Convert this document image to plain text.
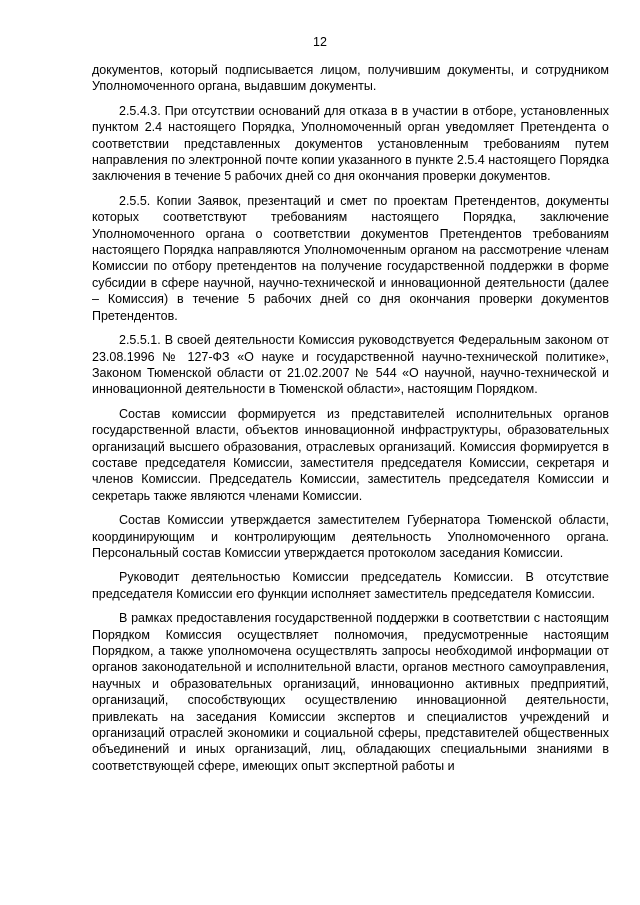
12

документов, который подписывается лицом, получившим документы, и сотрудником Уполномоченного органа, выдавшим документы.

2.5.4.3. При отсутствии оснований для отказа в в участии в отборе, установленных пунктом 2.4 настоящего Порядка, Уполномоченный орган уведомляет Претендента о соответствии представленных документов установленным требованиям путем направления по электронной почте копии указанного в пункте 2.5.4 настоящего Порядка заключения в течение 5 рабочих дней со дня окончания проверки документов.

2.5.5. Копии Заявок, презентаций и смет по проектам Претендентов, документы которых соответствуют требованиям настоящего Порядка, заключение Уполномоченного органа о соответствии документов Претендентов требованиям настоящего Порядка направляются Уполномоченным органом на рассмотрение членам Комиссии по отбору претендентов на получение государственной поддержки в форме субсидии в сфере научной, научно-технической и инновационной деятельности (далее – Комиссия) в течение 5 рабочих дней со дня окончания проверки документов Претендентов.

2.5.5.1. В своей деятельности Комиссия руководствуется Федеральным законом от 23.08.1996 № 127-ФЗ «О науке и государственной научно-технической политике», Законом Тюменской области от 21.02.2007 № 544 «О научной, научно-технической и инновационной деятельности в Тюменской области», настоящим Порядком.

Состав комиссии формируется из представителей исполнительных органов государственной власти, объектов инновационной инфраструктуры, образовательных организаций высшего образования, отраслевых организаций. Комиссия формируется в составе председателя Комиссии, заместителя председателя Комиссии, секретаря и членов Комиссии. Председатель Комиссии, заместитель председателя Комиссии и секретарь также являются членами Комиссии.

Состав Комиссии утверждается заместителем Губернатора Тюменской области, координирующим и контролирующим деятельность Уполномоченного органа. Персональный состав Комиссии утверждается протоколом заседания Комиссии.

Руководит деятельностью Комиссии председатель Комиссии. В отсутствие председателя Комиссии его функции исполняет заместитель председателя Комиссии.

В рамках предоставления государственной поддержки в соответствии с настоящим Порядком Комиссия осуществляет полномочия, предусмотренные настоящим Порядком, а также уполномочена осуществлять запросы необходимой информации от органов законодательной и исполнительной власти, органов местного самоуправления, научных и образовательных организаций, инновационно активных предприятий, организаций, способствующих осуществлению инновационной деятельности, привлекать на заседания Комиссии экспертов и специалистов учреждений и организаций отраслей экономики и социальной сферы, представителей общественных объединений и иных организаций, лиц, обладающих специальными знаниями в соответствующей сфере, имеющих опыт экспертной работы и
